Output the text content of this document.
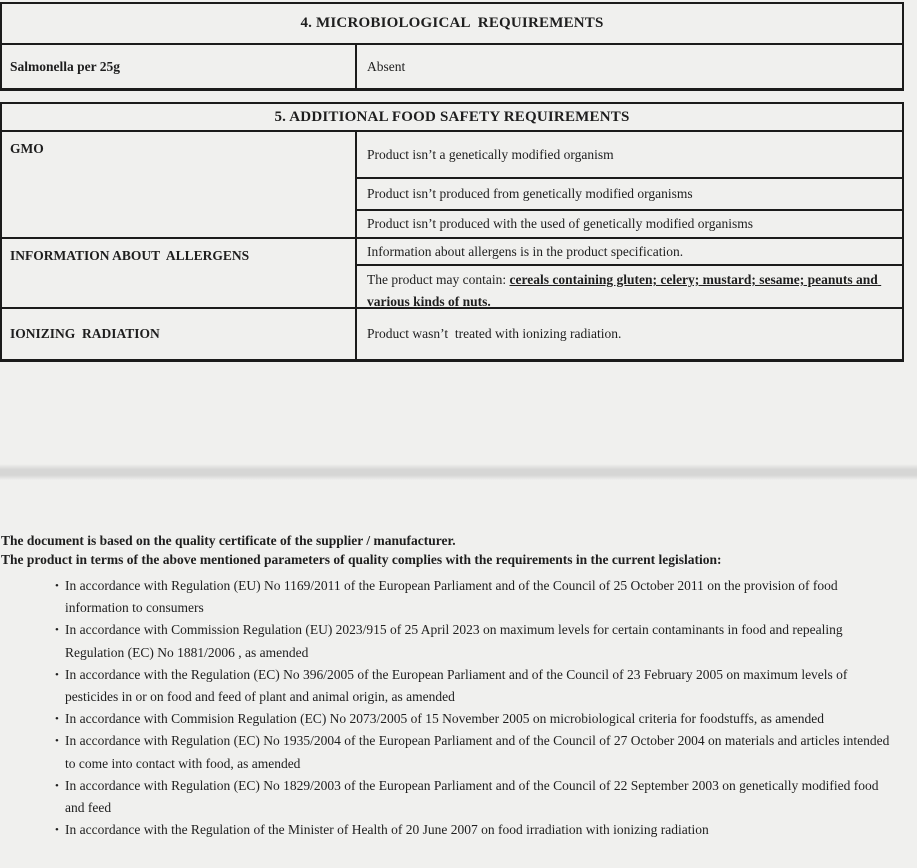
4. MICROBIOLOGICAL  REQUIREMENTS
Salmonella per 25g	Absent
5. ADDITIONAL FOOD SAFETY REQUIREMENTS
GMO	Product isn’t a genetically modified organism
Product isn’t produced from genetically modified organisms
Product isn’t produced with the used of genetically modified organisms
INFORMATION ABOUT  ALLERGENS	Information about allergens is in the product specification.
The product may contain: cereals containing gluten; celery; mustard; sesame; peanuts and various kinds of nuts.
IONIZING  RADIATION	Product wasn’t  treated with ionizing radiation.

The document is based on the quality certificate of the supplier / manufacturer.

The product in terms of the above mentioned parameters of quality complies with the requirements in the current legislation:

• In accordance with Regulation (EU) No 1169/2011 of the European Parliament and of the Council of 25 October 2011 on the provision of food information to consumers
• In accordance with Commission Regulation (EU) 2023/915 of 25 April 2023 on maximum levels for certain contaminants in food and repealing Regulation (EC) No 1881/2006 , as amended
• In accordance with the Regulation (EC) No 396/2005 of the European Parliament and of the Council of 23 February 2005 on maximum levels of pesticides in or on food and feed of plant and animal origin, as amended
• In accordance with Commision Regulation (EC) No 2073/2005 of 15 November 2005 on microbiological criteria for foodstuffs, as amended
• In accordance with Regulation (EC) No 1935/2004 of the European Parliament and of the Council of 27 October 2004 on materials and articles intended to come into contact with food, as amended
• In accordance with Regulation (EC) No 1829/2003 of the European Parliament and of the Council of 22 September 2003 on genetically modified food and feed
• In accordance with the Regulation of the Minister of Health of 20 June 2007 on food irradiation with ionizing radiation
